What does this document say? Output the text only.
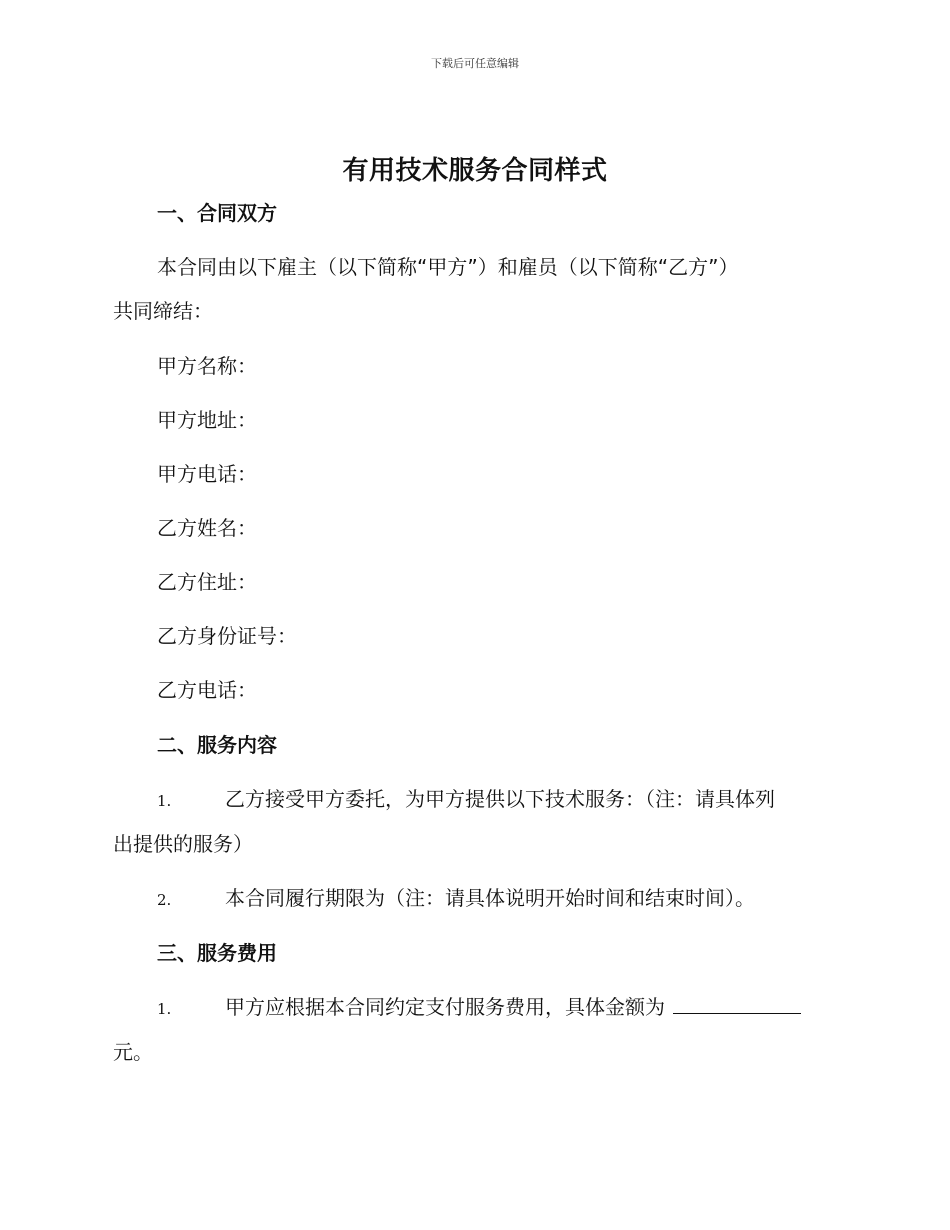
下载后可任意编辑
有用技术服务合同样式
一、合同双方
本合同由以下雇主（以下简称“甲方”）和雇员（以下简称“乙方”）
共同缔结：
甲方名称：
甲方地址：
甲方电话：
乙方姓名：
乙方住址：
乙方身份证号：
乙方电话：
二、服务内容
1.	乙方接受甲方委托，为甲方提供以下技术服务：（注：请具体列
出提供的服务）
2.	本合同履行期限为（注：请具体说明开始时间和结束时间）。
三、服务费用
1.	甲方应根据本合同约定支付服务费用，具体金额为
元。
